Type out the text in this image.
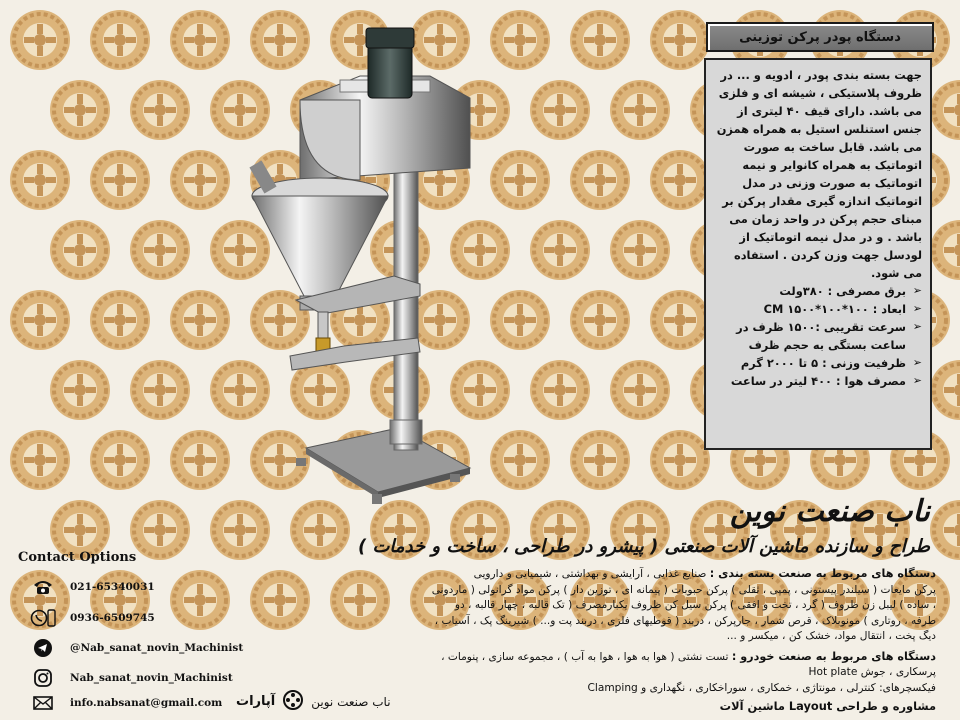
دستگاه پودر پرکن توزینی

جهت بسته بندی پودر ، ادویه و ... در ظروف پلاستیکی ، شیشه ای و فلزی می باشد. دارای قیف ۴۰ لیتری از جنس استنلس استیل به همراه همزن می باشد. قابل ساخت به صورت اتوماتیک به همراه کانوایر و نیمه اتوماتیک به صورت وزنی در مدل اتوماتیک اندازه گیری مقدار پرکن بر مبنای حجم پرکن در واحد زمان می باشد . و در مدل نیمه اتوماتیک از لودسل جهت وزن کردن . استفاده می شود.

➢ برق مصرفی : ۳۸۰ولت
➢ ابعاد : ۱۰۰*۱۰۰*۱۵۰۰ CM
➢ سرعت تقریبی :۱۵۰۰ ظرف در ساعت بستگی به حجم ظرف
➢ ظرفیت وزنی : ۵ تا ۲۰۰۰ گرم
➢ مصرف هوا : ۴۰۰ لیتر در ساعت
ناب صنعت نوین
طراح و سازنده ماشین آلات صنعتی ( پیشرو در طراحی ، ساخت و خدمات )

دستگاه های مربوط به صنعت بسته بندی : صنایع غذایی ، آرایشی و بهداشتی ، شیمیایی و دارویی

پرکن مایعات ( سیلندر پیستونی ، پمپی ، ثقلی ) پرکن حبوبات ( پیمانه ای ، توزین دار ) پرکن مواد گرانولی ( ماردونی ، ساده ) لیبل زن ظروف ( گرد ، تخت و افقی ) پرکن سیل کن ظروف یکبارمصرف ( تک قالبه ، چهار قالبه ، دو طرفه ، روتاری ) مونوبلاک ، قرص شمار ، جارپرکن ، دربند ( قوطیهای فلزی ، دربند پت و... ) شیرینگ پک ، آسیاب ، دیگ پخت ، انتقال مواد، خشک کن ، میکسر و ...

دستگاه های مربوط به صنعت خودرو : تست نشتی ( هوا به هوا ، هوا به آب ) ، مجموعه سازی ، پنومات ، پرسکاری ، جوش Hot plate

فیکسچرهای: کنترلی ، مونتاژی ، خمکاری ، سوراخکاری ، نگهداری و Clamping

مشاوره و طراحی Layout ماشین آلات

Contact Options
021-65340031
0936-6509745
@Nab_sanat_novin_Machinist
Nab_sanat_novin_Machinist
info.nabsanat@gmail.com	ناب صنعت نوین
آپارات
